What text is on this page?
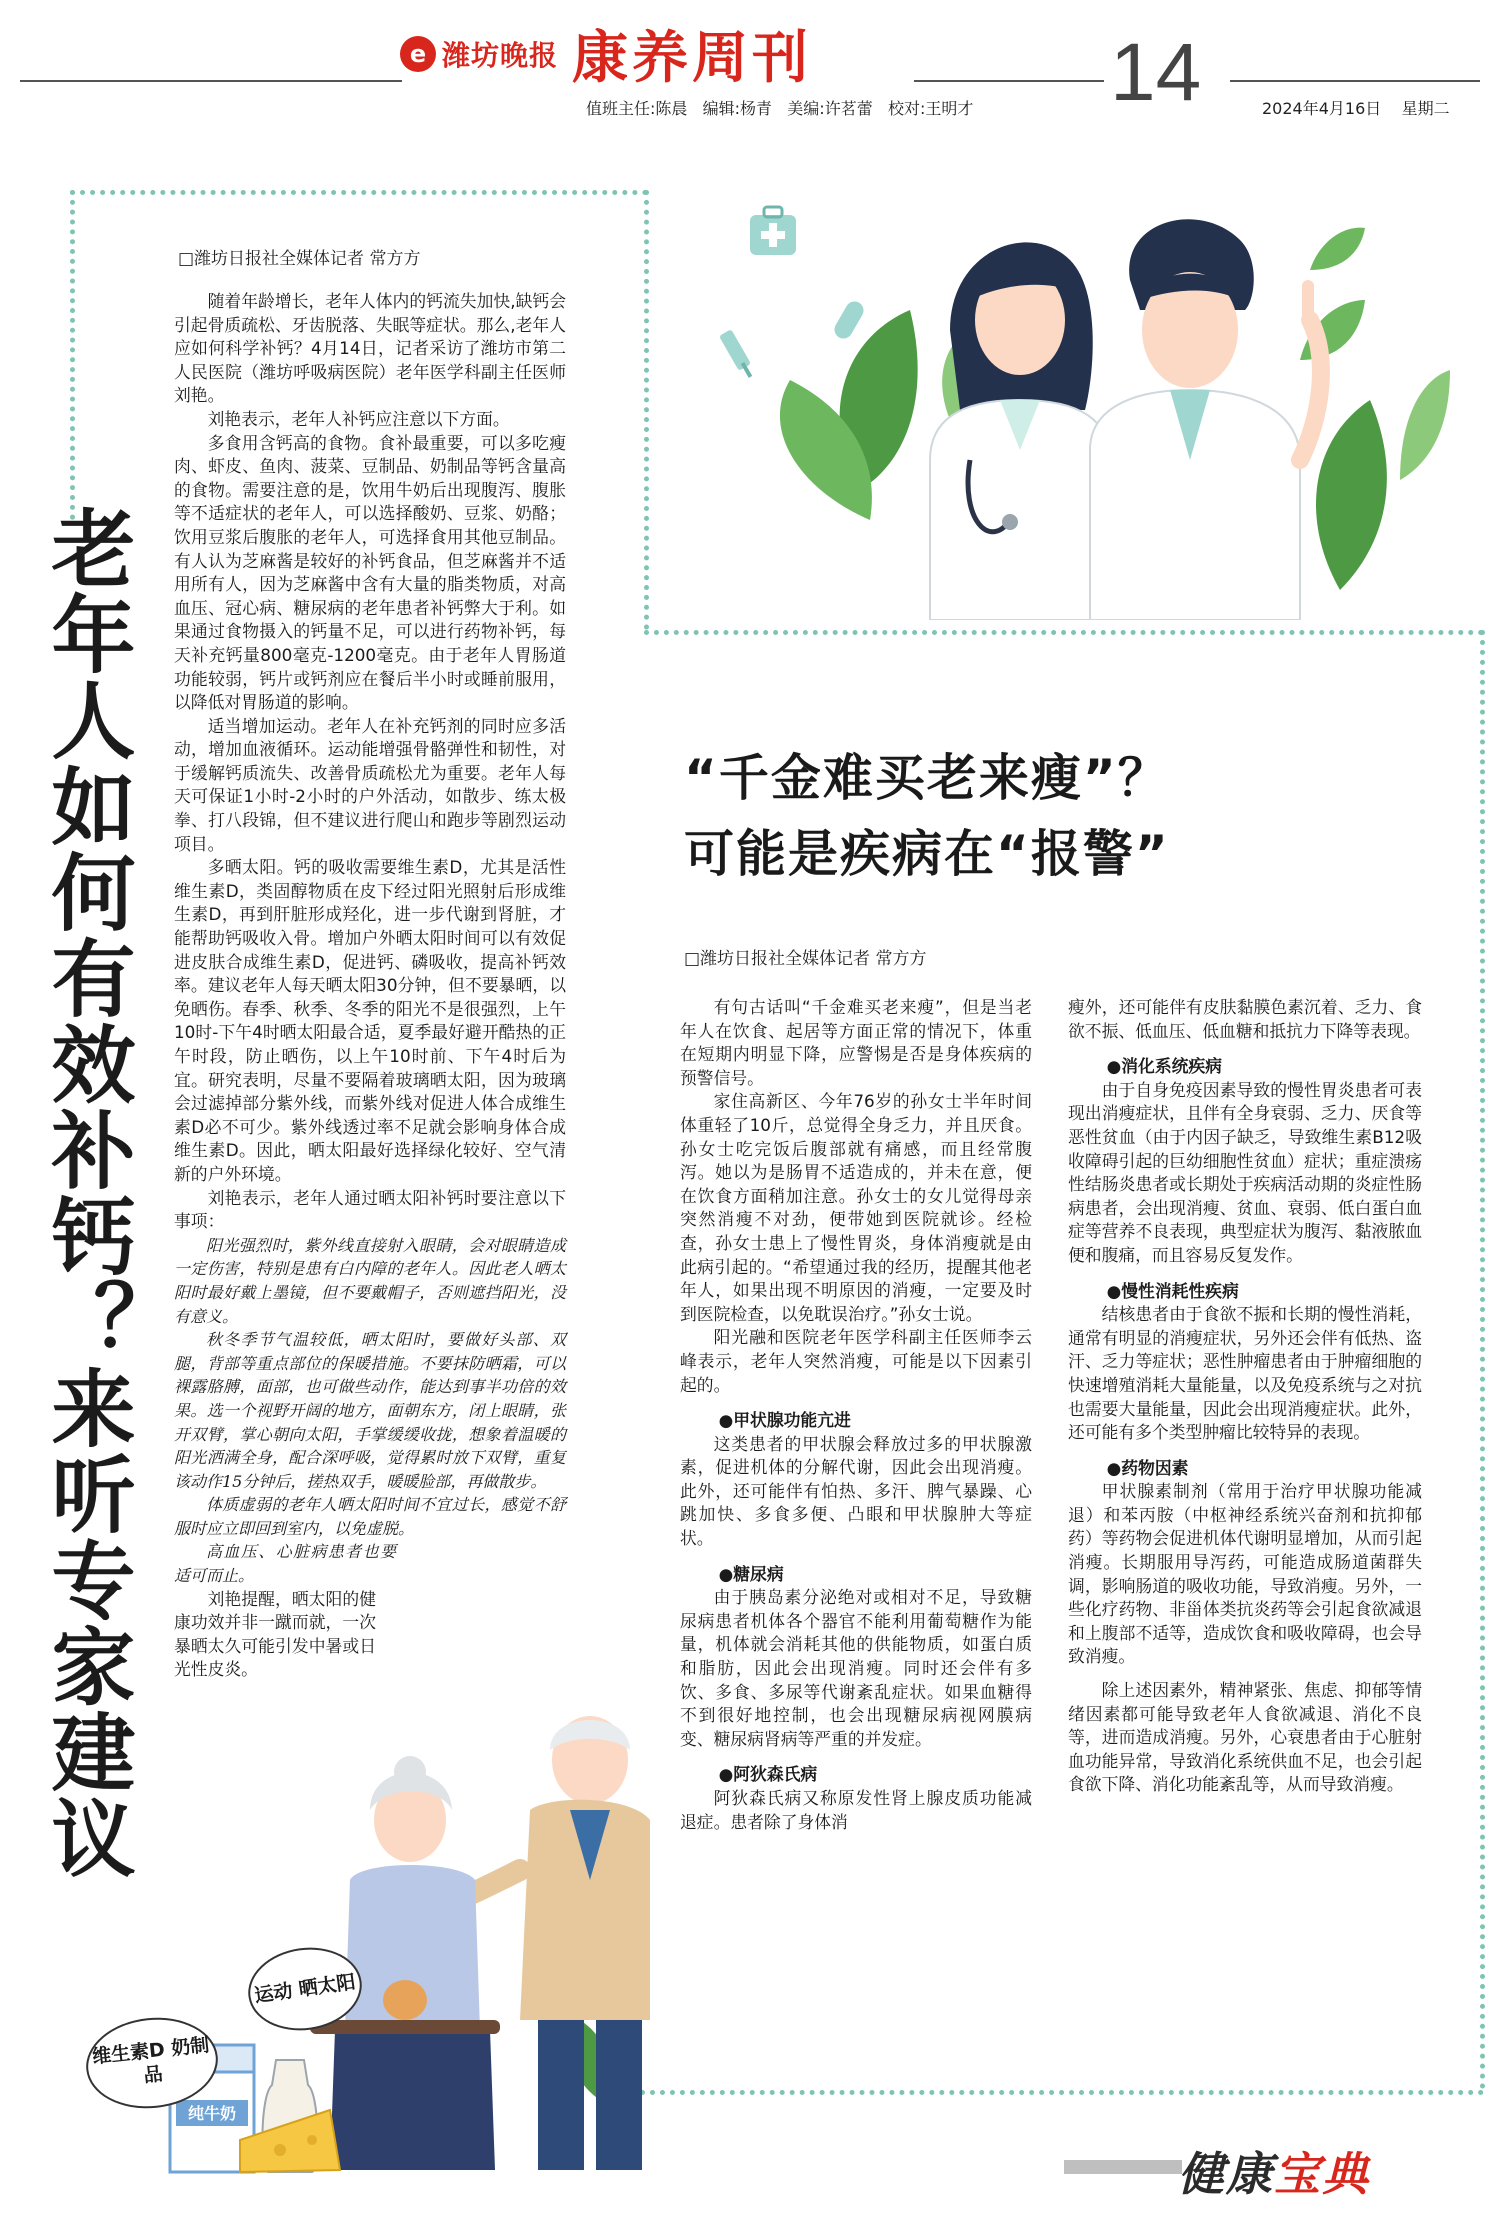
e 潍坊晚报 康养周刊	14
值班主任:陈晨   编辑:杨青   美编:许茗蕾   校对:王明才	2024年4月16日    星期二
老年人如何有效补钙？来听专家建议
□潍坊日报社全媒体记者 常方方

随着年龄增长，老年人体内的钙流失加快,缺钙会引起骨质疏松、牙齿脱落、失眠等症状。那么,老年人应如何科学补钙？4月14日，记者采访了潍坊市第二人民医院（潍坊呼吸病医院）老年医学科副主任医师刘艳。

刘艳表示，老年人补钙应注意以下方面。

多食用含钙高的食物。食补最重要，可以多吃瘦肉、虾皮、鱼肉、菠菜、豆制品、奶制品等钙含量高的食物。需要注意的是，饮用牛奶后出现腹泻、腹胀等不适症状的老年人，可以选择酸奶、豆浆、奶酪；饮用豆浆后腹胀的老年人，可选择食用其他豆制品。有人认为芝麻酱是较好的补钙食品，但芝麻酱并不适用所有人，因为芝麻酱中含有大量的脂类物质，对高血压、冠心病、糖尿病的老年患者补钙弊大于利。如果通过食物摄入的钙量不足，可以进行药物补钙，每天补充钙量800毫克-1200毫克。由于老年人胃肠道功能较弱，钙片或钙剂应在餐后半小时或睡前服用，以降低对胃肠道的影响。

适当增加运动。老年人在补充钙剂的同时应多活动，增加血液循环。运动能增强骨骼弹性和韧性，对于缓解钙质流失、改善骨质疏松尤为重要。老年人每天可保证1小时-2小时的户外活动，如散步、练太极拳、打八段锦，但不建议进行爬山和跑步等剧烈运动项目。

多晒太阳。钙的吸收需要维生素D，尤其是活性维生素D，类固醇物质在皮下经过阳光照射后形成维生素D，再到肝脏形成羟化，进一步代谢到肾脏，才能帮助钙吸收入骨。增加户外晒太阳时间可以有效促进皮肤合成维生素D，促进钙、磷吸收，提高补钙效率。建议老年人每天晒太阳30分钟，但不要暴晒，以免晒伤。春季、秋季、冬季的阳光不是很强烈，上午10时-下午4时晒太阳最合适，夏季最好避开酷热的正午时段，防止晒伤，以上午10时前、下午4时后为宜。研究表明，尽量不要隔着玻璃晒太阳，因为玻璃会过滤掉部分紫外线，而紫外线对促进人体合成维生素D必不可少。紫外线透过率不足就会影响身体合成维生素D。因此，晒太阳最好选择绿化较好、空气清新的户外环境。

刘艳表示，老年人通过晒太阳补钙时要注意以下事项：

阳光强烈时，紫外线直接射入眼睛，会对眼睛造成一定伤害，特别是患有白内障的老年人。因此老人晒太阳时最好戴上墨镜，但不要戴帽子，否则遮挡阳光，没有意义。

秋冬季节气温较低，晒太阳时，要做好头部、双腿，背部等重点部位的保暖措施。不要抹防晒霜，可以裸露胳膊，面部，也可做些动作，能达到事半功倍的效果。选一个视野开阔的地方，面朝东方，闭上眼睛，张开双臂，掌心朝向太阳，手掌缓缓收拢，想象着温暖的阳光洒满全身，配合深呼吸，觉得累时放下双臂，重复该动作15分钟后，搓热双手，暖暖脸部，再做散步。

体质虚弱的老年人晒太阳时间不宜过长，感觉不舒服时应立即回到室内，以免虚脱。

高血压、心脏病患者也要适可而止。

刘艳提醒，晒太阳的健康功效并非一蹴而就，一次暴晒太久可能引发中暑或日光性皮炎。

“千金难买老来瘦”？
可能是疾病在“报警”
□潍坊日报社全媒体记者 常方方

有句古话叫“千金难买老来瘦”，但是当老年人在饮食、起居等方面正常的情况下，体重在短期内明显下降，应警惕是否是身体疾病的预警信号。

家住高新区、今年76岁的孙女士半年时间体重轻了10斤，总觉得全身乏力，并且厌食。孙女士吃完饭后腹部就有痛感，而且经常腹泻。她以为是肠胃不适造成的，并未在意，便在饮食方面稍加注意。孙女士的女儿觉得母亲突然消瘦不对劲，便带她到医院就诊。经检查，孙女士患上了慢性胃炎，身体消瘦就是由此病引起的。“希望通过我的经历，提醒其他老年人，如果出现不明原因的消瘦，一定要及时到医院检查，以免耽误治疗。”孙女士说。

阳光融和医院老年医学科副主任医师李云峰表示，老年人突然消瘦，可能是以下因素引起的。

●甲状腺功能亢进

这类患者的甲状腺会释放过多的甲状腺激素，促进机体的分解代谢，因此会出现消瘦。此外，还可能伴有怕热、多汗、脾气暴躁、心跳加快、多食多便、凸眼和甲状腺肿大等症状。

●糖尿病

由于胰岛素分泌绝对或相对不足，导致糖尿病患者机体各个器官不能利用葡萄糖作为能量，机体就会消耗其他的供能物质，如蛋白质和脂肪，因此会出现消瘦。同时还会伴有多饮、多食、多尿等代谢紊乱症状。如果血糖得不到很好地控制，也会出现糖尿病视网膜病变、糖尿病肾病等严重的并发症。

●阿狄森氏病

阿狄森氏病又称原发性肾上腺皮质功能减退症。患者除了身体消

瘦外，还可能伴有皮肤黏膜色素沉着、乏力、食欲不振、低血压、低血糖和抵抗力下降等表现。

●消化系统疾病

由于自身免疫因素导致的慢性胃炎患者可表现出消瘦症状，且伴有全身衰弱、乏力、厌食等恶性贫血（由于内因子缺乏，导致维生素B12吸收障碍引起的巨幼细胞性贫血）症状；重症溃疡性结肠炎患者或长期处于疾病活动期的炎症性肠病患者，会出现消瘦、贫血、衰弱、低白蛋白血症等营养不良表现，典型症状为腹泻、黏液脓血便和腹痛，而且容易反复发作。

●慢性消耗性疾病

结核患者由于食欲不振和长期的慢性消耗，通常有明显的消瘦症状，另外还会伴有低热、盗汗、乏力等症状；恶性肿瘤患者由于肿瘤细胞的快速增殖消耗大量能量，以及免疫系统与之对抗也需要大量能量，因此会出现消瘦症状。此外，还可能有多个类型肿瘤比较特异的表现。

●药物因素

甲状腺素制剂（常用于治疗甲状腺功能减退）和苯丙胺（中枢神经系统兴奋剂和抗抑郁药）等药物会促进机体代谢明显增加，从而引起消瘦。长期服用导泻药，可能造成肠道菌群失调，影响肠道的吸收功能，导致消瘦。另外，一些化疗药物、非甾体类抗炎药等会引起食欲减退和上腹部不适等，造成饮食和吸收障碍，也会导致消瘦。

除上述因素外，精神紧张、焦虑、抑郁等情绪因素都可能导致老年人食欲减退、消化不良等，进而造成消瘦。另外，心衰患者由于心脏射血功能异常，导致消化系统供血不足，也会引起食欲下降、消化功能紊乱等，从而导致消瘦。

纯牛奶
运动 晒太阳
维生素D 奶制品
健康宝典
